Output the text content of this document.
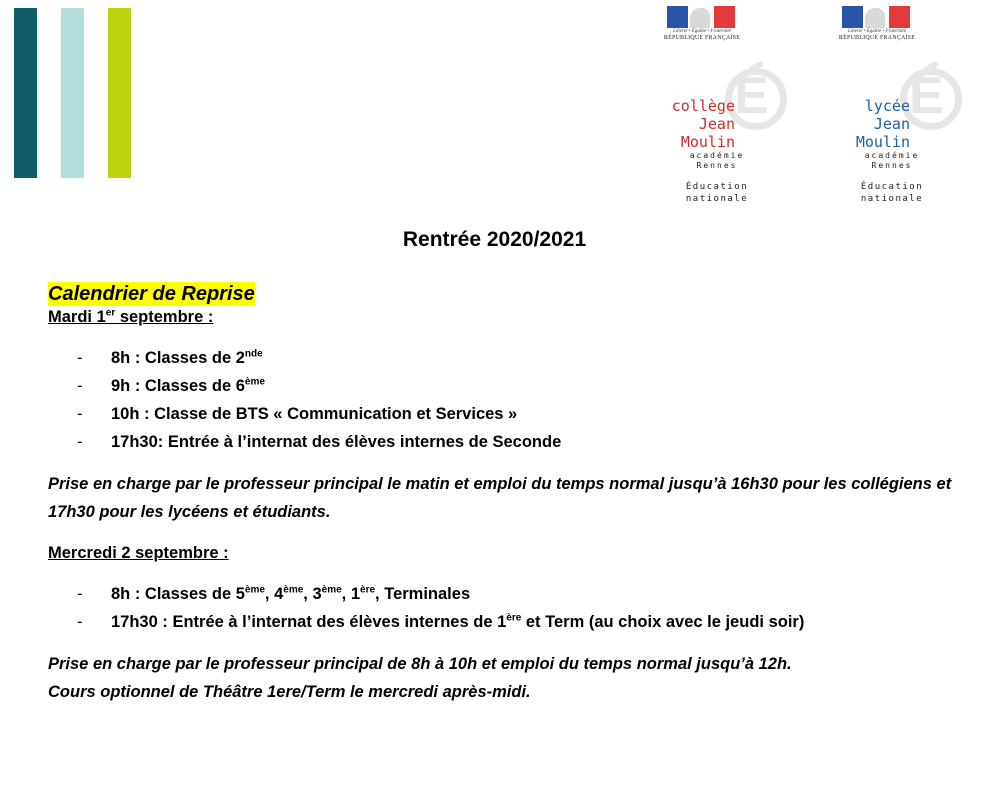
Liberté • Égalité • Fraternité
RÉPUBLIQUE FRANÇAISE
É
collège
Jean Moulin
académie
Rennes
Éducation
nationale
Liberté • Égalité • Fraternité
RÉPUBLIQUE FRANÇAISE
É
lycée
Jean Moulin
académie
Rennes
Éducation
nationale
Rentrée 2020/2021
Calendrier de Reprise
Mardi 1er septembre :
- 8h : Classes de 2nde
- 9h : Classes de 6ème
- 10h : Classe de BTS « Communication et Services »
- 17h30: Entrée à l’internat des élèves internes de Seconde
Prise en charge par le professeur principal le matin et emploi du temps normal jusqu’à 16h30 pour les collégiens et 17h30 pour les lycéens et étudiants.
Mercredi 2 septembre :
- 8h : Classes de 5ème, 4ème, 3ème, 1ère, Terminales
- 17h30 : Entrée à l’internat des élèves internes de 1ère et Term (au choix avec le jeudi soir)
Prise en charge par le professeur principal de 8h à 10h et emploi du temps normal jusqu’à 12h.
Cours optionnel de Théâtre 1ere/Term le mercredi après-midi.
